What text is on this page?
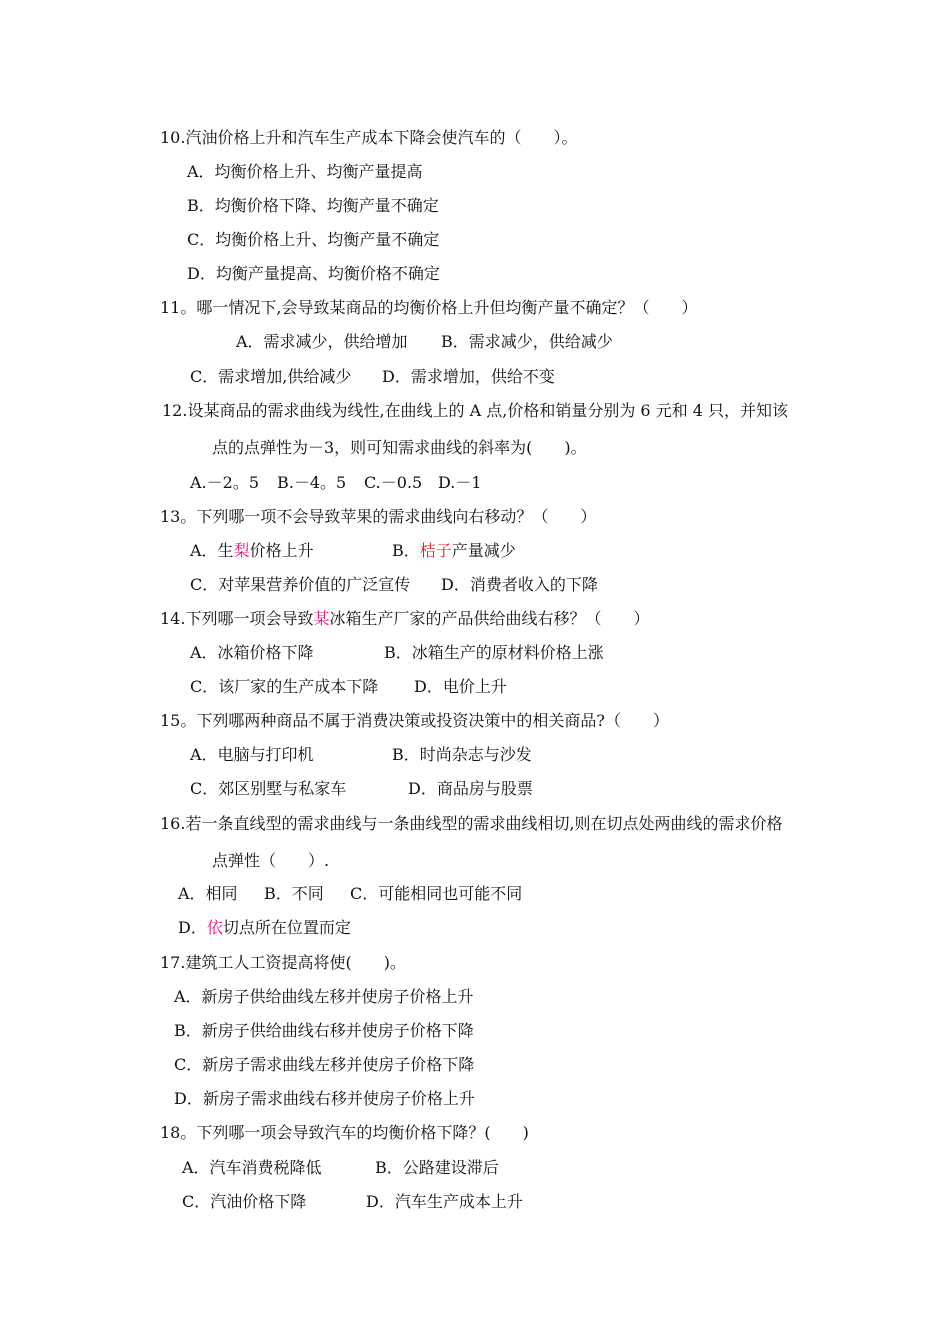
10.汽油价格上升和汽车生产成本下降会使汽车的（　　）。
A．均衡价格上升、均衡产量提高
B．均衡价格下降、均衡产量不确定
C．均衡价格上升、均衡产量不确定
D．均衡产量提高、均衡价格不确定
11。哪一情况下,会导致某商品的均衡价格上升但均衡产量不确定？（　　）
A．需求减少，供给增加 B．需求减少，供给减少
C．需求增加,供给减少 D．需求增加，供给不变
12.设某商品的需求曲线为线性,在曲线上的 A 点,价格和销量分别为 6 元和 4 只，并知该
点的点弹性为－3，则可知需求曲线的斜率为(　　)。
A.－2。5 B.－4。5 C.－0.5 D.－1
13。下列哪一项不会导致苹果的需求曲线向右移动？（　　）
A．生梨价格上升	B．桔子产量减少
C．对苹果营养价值的广泛宣传 D．消费者收入的下降
14.下列哪一项会导致某冰箱生产厂家的产品供给曲线右移？（　　）
A．冰箱价格下降	B．冰箱生产的原材料价格上涨
C．该厂家的生产成本下降 D．电价上升
15。下列哪两种商品不属于消费决策或投资决策中的相关商品?（　　）
A．电脑与打印机	B．时尚杂志与沙发
C．郊区别墅与私家车	D．商品房与股票
16.若一条直线型的需求曲线与一条曲线型的需求曲线相切,则在切点处两曲线的需求价格
点弹性（　　）.
A．相同 B．不同 C．可能相同也可能不同
D．依切点所在位置而定
17.建筑工人工资提高将使(　　)。
A．新房子供给曲线左移并使房子价格上升
B．新房子供给曲线右移并使房子价格下降
C．新房子需求曲线左移并使房子价格下降
D．新房子需求曲线右移并使房子价格上升
18。下列哪一项会导致汽车的均衡价格下降？(　　)
A．汽车消费税降低	B．公路建设滞后
C．汽油价格下降	D．汽车生产成本上升
